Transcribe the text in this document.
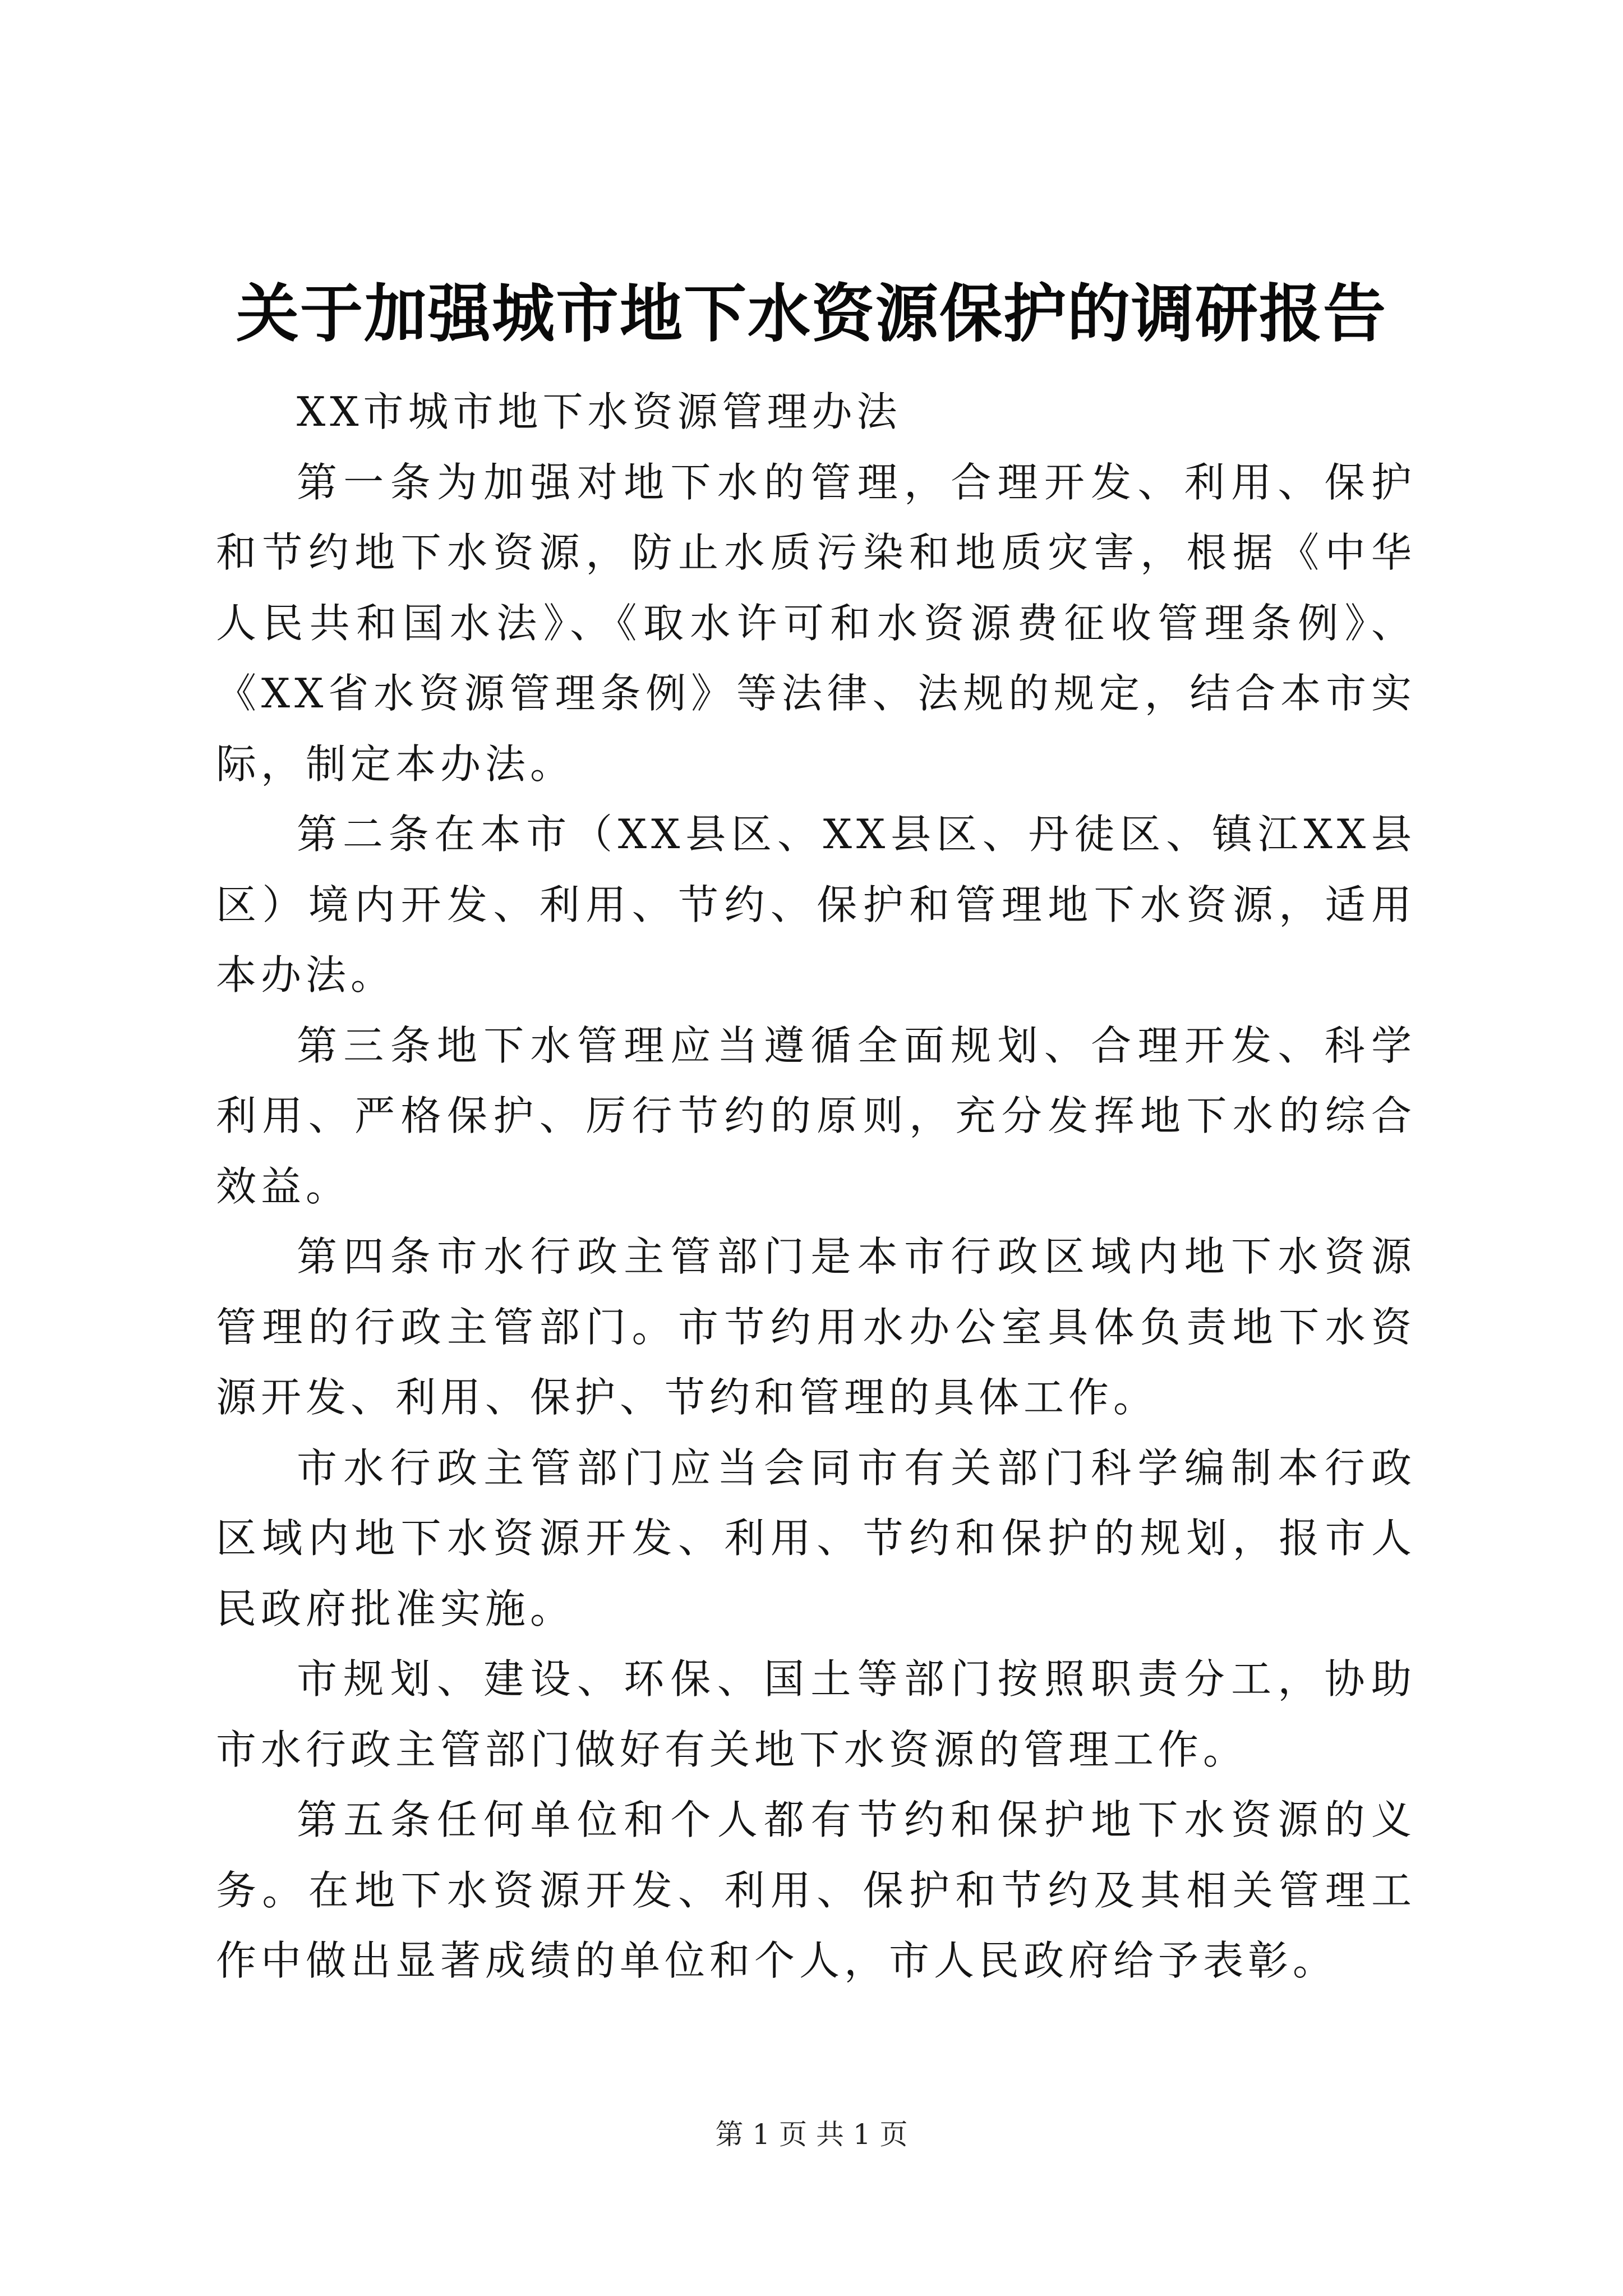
关于加强城市地下水资源保护的调研报告

XX市城市地下水资源管理办法

第一条为加强对地下水的管理，合理开发、利用、保护和节约地下水资源，防止水质污染和地质灾害，根据《中华人民共和国水法》、《取水许可和水资源费征收管理条例》、《XX省水资源管理条例》等法律、法规的规定，结合本市实际，制定本办法。

第二条在本市（XX县区、XX县区、丹徒区、镇江XX县区）境内开发、利用、节约、保护和管理地下水资源，适用本办法。

第三条地下水管理应当遵循全面规划、合理开发、科学利用、严格保护、厉行节约的原则，充分发挥地下水的综合效益。

第四条市水行政主管部门是本市行政区域内地下水资源管理的行政主管部门。市节约用水办公室具体负责地下水资源开发、利用、保护、节约和管理的具体工作。

市水行政主管部门应当会同市有关部门科学编制本行政区域内地下水资源开发、利用、节约和保护的规划，报市人民政府批准实施。

市规划、建设、环保、国土等部门按照职责分工，协助市水行政主管部门做好有关地下水资源的管理工作。

第五条任何单位和个人都有节约和保护地下水资源的义务。在地下水资源开发、利用、保护和节约及其相关管理工作中做出显著成绩的单位和个人，市人民政府给予表彰。

第 1 页 共 1 页
